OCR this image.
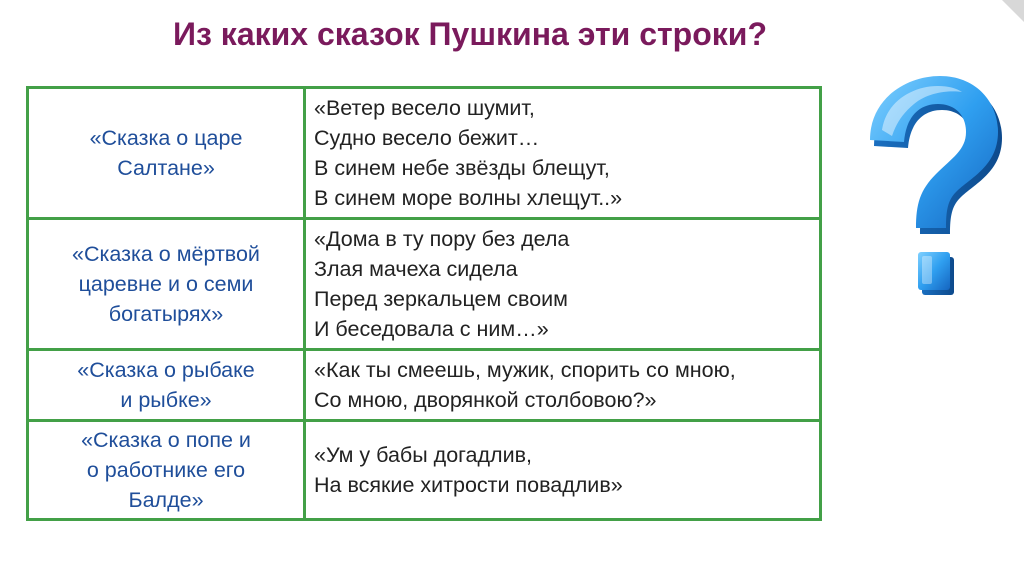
Из каких сказок Пушкина эти строки?
«Сказка о царе
Салтане»	«Ветер весело шумит,
Судно весело бежит…
В синем небе звёзды блещут,
В синем море волны хлещут..»

«Сказка о мёртвой
царевне и о семи
богатырях»	«Дома в ту пору без дела
Злая мачеха сидела
Перед зеркальцем своим
И беседовала с ним…»

«Сказка о рыбаке
и рыбке»	«Как ты смеешь, мужик, спорить со мною,
Со мною, дворянкой столбовою?»

«Сказка о попе и
о работнике его
Балде»	«Ум у бабы догадлив,
На всякие хитрости повадлив»
